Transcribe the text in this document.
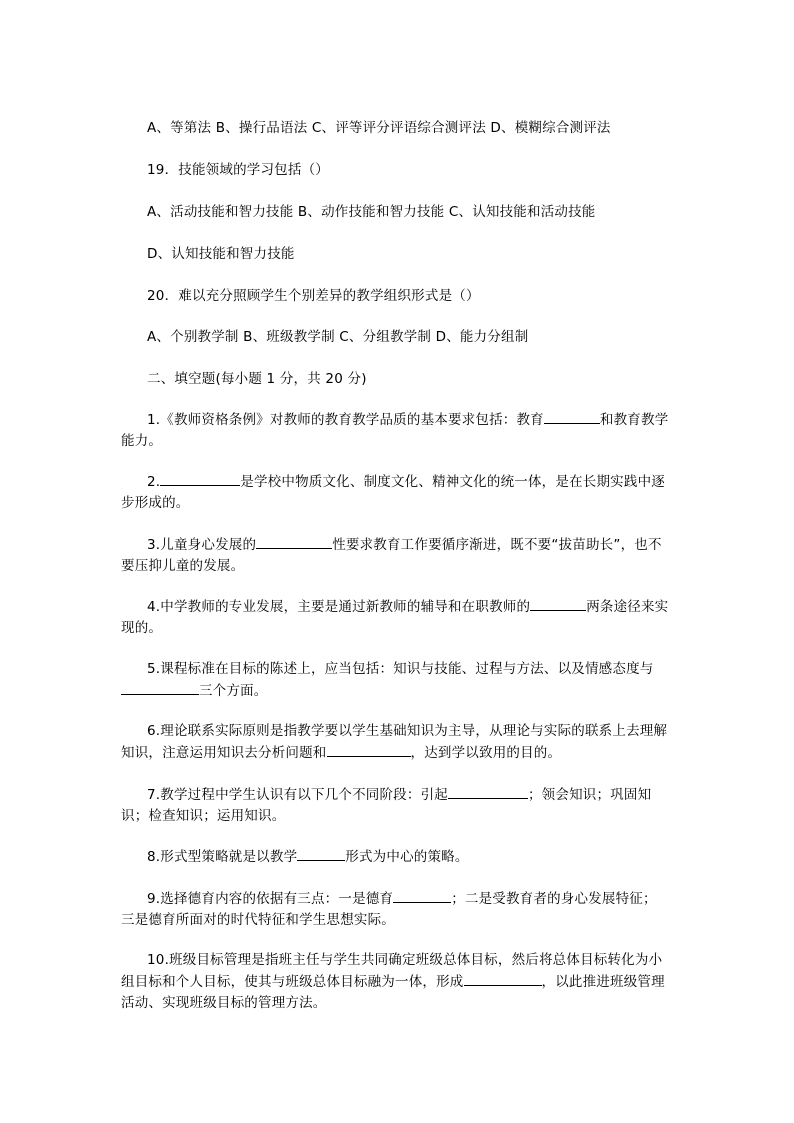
A、等第法 B、操行品语法 C、评等评分评语综合测评法 D、模糊综合测评法
19．技能领域的学习包括（）
A、活动技能和智力技能 B、动作技能和智力技能 C、认知技能和活动技能
D、认知技能和智力技能
20．难以充分照顾学生个别差异的教学组织形式是（）
A、个别教学制 B、班级教学制 C、分组教学制 D、能力分组制
二、填空题(每小题 1 分，共 20 分)
1.《教师资格条例》对教师的教育教学品质的基本要求包括：教育	和教育教学能力。
2.	是学校中物质文化、制度文化、精神文化的统一体，是在长期实践中逐步形成的。
3.儿童身心发展的	性要求教育工作要循序渐进，既不要“拔苗助长”，也不要压抑儿童的发展。
4.中学教师的专业发展，主要是通过新教师的辅导和在职教师的	两条途径来实现的。
5.课程标准在目标的陈述上，应当包括：知识与技能、过程与方法、以及情感态度与三个方面。
6.理论联系实际原则是指教学要以学生基础知识为主导，从理论与实际的联系上去理解知识，注意运用知识去分析问题和	，达到学以致用的目的。
7.教学过程中学生认识有以下几个不同阶段：引起	；领会知识；巩固知识；检查知识；运用知识。
8.形式型策略就是以教学	形式为中心的策略。
9.选择德育内容的依据有三点：一是德育	；二是受教育者的身心发展特征；三是德育所面对的时代特征和学生思想实际。
10.班级目标管理是指班主任与学生共同确定班级总体目标，然后将总体目标转化为小组目标和个人目标，使其与班级总体目标融为一体，形成	，以此推进班级管理活动、实现班级目标的管理方法。
